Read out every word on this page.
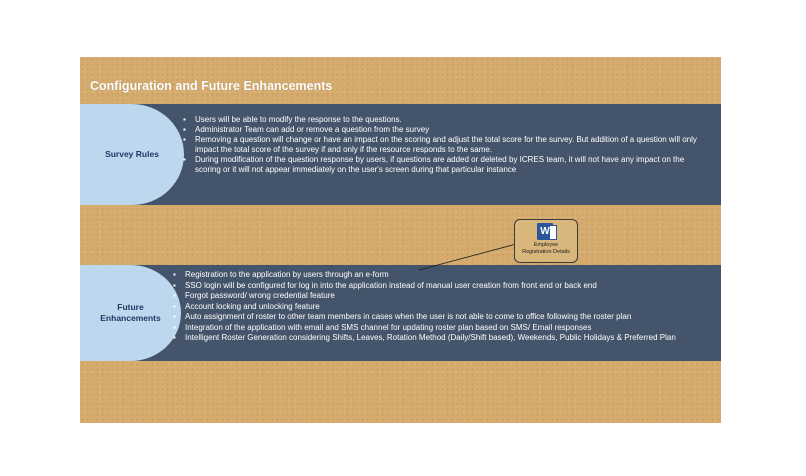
Configuration and Future Enhancements
Survey Rules
▪ Users will be able to modify the response to the questions.
▪ Administrator Team can add or remove a question from the survey
▪ Removing a question will change or have an impact on the scoring and adjust the total score for the survey. But addition of a question will only impact the total score of the survey if and only if the resource responds to the same.
▪ During modification of the question response by users, if questions are added or deleted by ICRES team, it will not have any impact on the scoring or it will not appear immediately on the user's screen during that particular instance
W
Employee
Registration Details
Future
Enhancements
▪ Registration to the application by users through an e-form
▪ SSO login will be configured for log in into the application instead of manual user creation from front end or back end
▪ Forgot password/ wrong credential feature
▪ Account locking and unlocking feature
▪ Auto assignment of roster to other team members in cases when the user is not able to come to office following the roster plan
▪ Integration of the application with email and SMS channel for updating roster plan based on SMS/ Email responses
▪ Intelligent Roster Generation considering Shifts, Leaves, Rotation Method (Daily/Shift based), Weekends, Public Holidays & Preferred Plan
